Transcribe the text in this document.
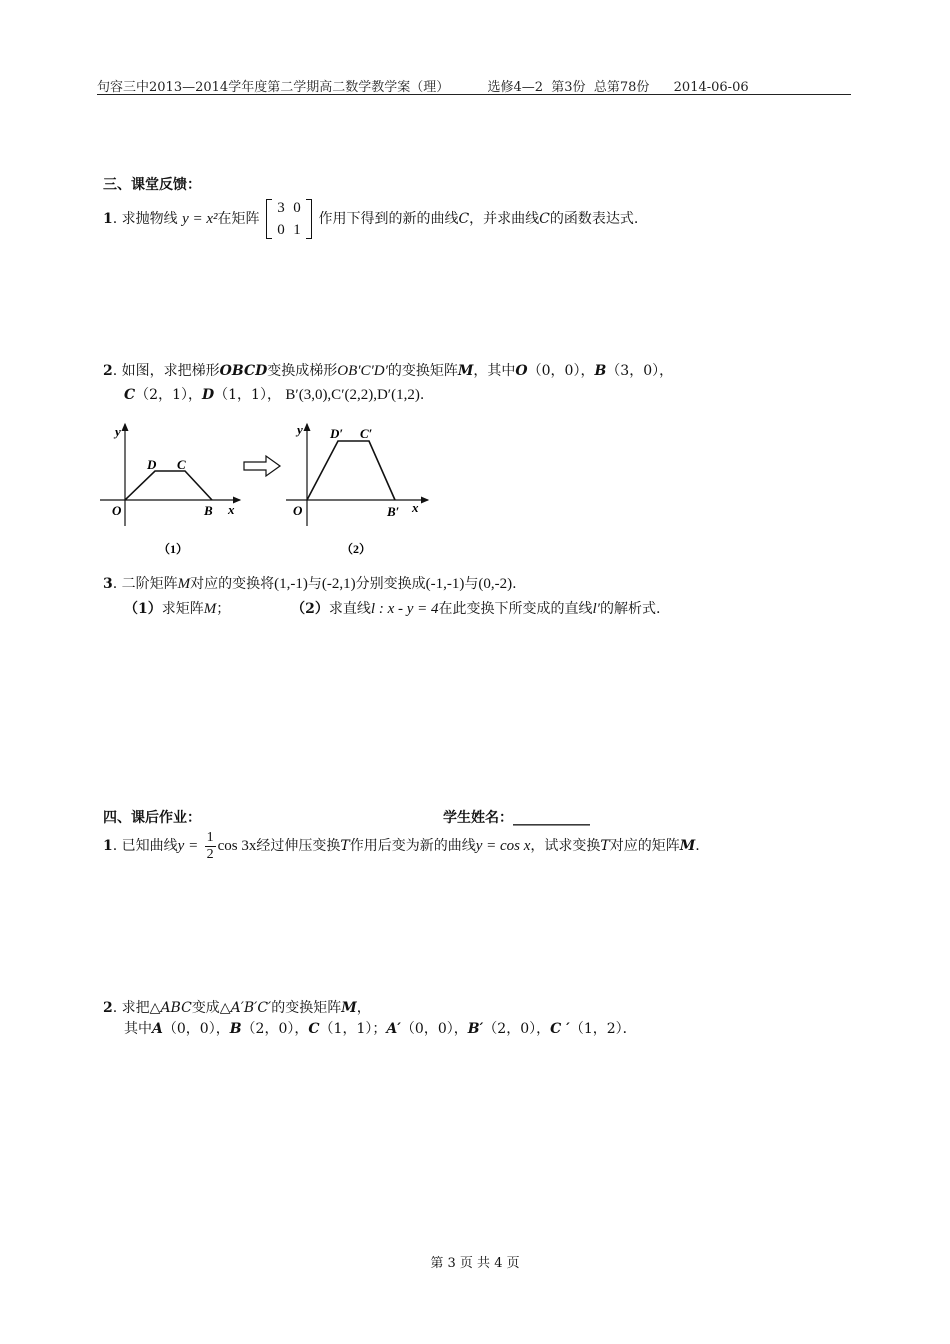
句容三中2013—2014学年度第二学期高二数学教学案（理）	选修4—2  第3份  总第78份 2014-06-06
三、课堂反馈：
1. 求抛物线 y = x²在矩阵
3 0
0 1
作用下得到的新的曲线C，并求曲线C的函数表达式.
2. 如图，求把梯形OBCD变换成梯形OB′C′D′的变换矩阵M，其中O（0，0），B（3，0），
C（2，1），D（1，1）， B′(3,0),C′(2,2),D′(1,2).
y
x
O	B
D C
（1）
y
x
O	B′
D′ C′
（2）
3. 二阶矩阵M对应的变换将(1,-1)与(-2,1)分别变换成(-1,-1)与(0,-2).
（1）求矩阵M；	（2）求直线l : x - y = 4在此变换下所变成的直线l′的解析式.
四、课后作业：	学生姓名：___________
1. 已知曲线$y = \frac{1}{2}$ cos 3x经过伸压变换T作用后变为新的曲线y = cos x，试求变换T对应的矩阵M.
2. 求把△ABC变成△A′B′C′的变换矩阵M，
其中A（0，0），B（2，0），C（1，1）；A′（0，0），B′（2，0），C ′（1，2）．
第 3 页 共 4 页
